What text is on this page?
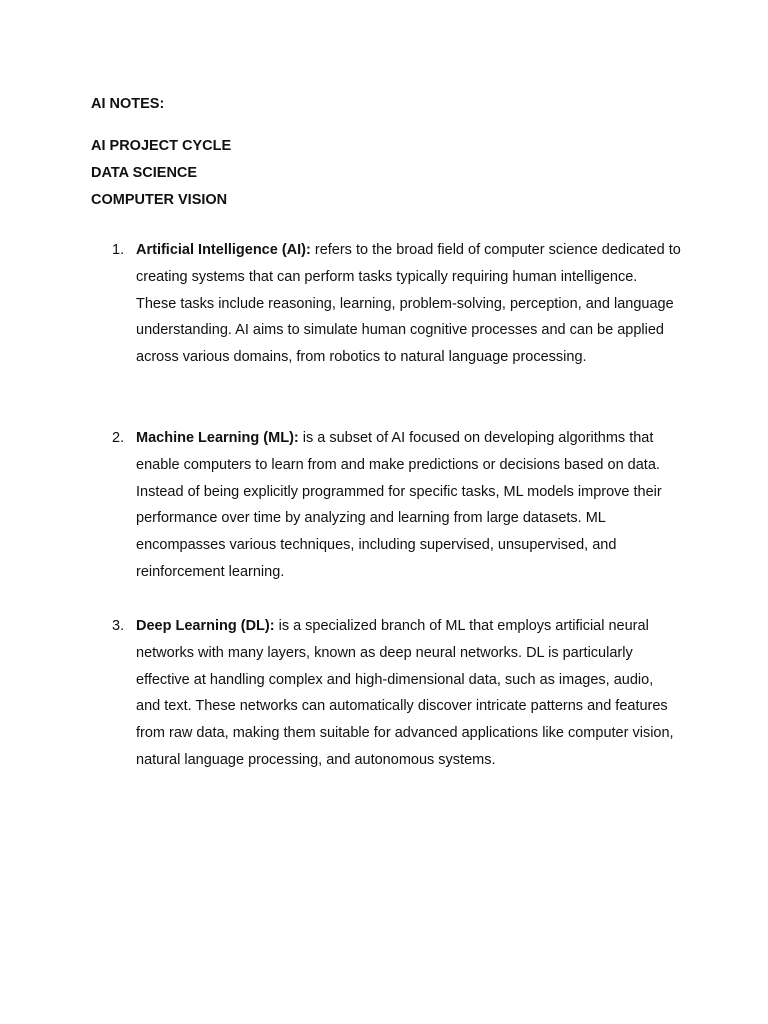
AI NOTES:
AI PROJECT CYCLE
DATA SCIENCE
COMPUTER VISION
1. Artificial Intelligence (AI): refers to the broad field of computer science dedicated to creating systems that can perform tasks typically requiring human intelligence. These tasks include reasoning, learning, problem-solving, perception, and language understanding. AI aims to simulate human cognitive processes and can be applied across various domains, from robotics to natural language processing.

2. Machine Learning (ML): is a subset of AI focused on developing algorithms that enable computers to learn from and make predictions or decisions based on data. Instead of being explicitly programmed for specific tasks, ML models improve their performance over time by analyzing and learning from large datasets. ML encompasses various techniques, including supervised, unsupervised, and reinforcement learning.

3. Deep Learning (DL): is a specialized branch of ML that employs artificial neural networks with many layers, known as deep neural networks. DL is particularly effective at handling complex and high-dimensional data, such as images, audio, and text. These networks can automatically discover intricate patterns and features from raw data, making them suitable for advanced applications like computer vision, natural language processing, and autonomous systems.
